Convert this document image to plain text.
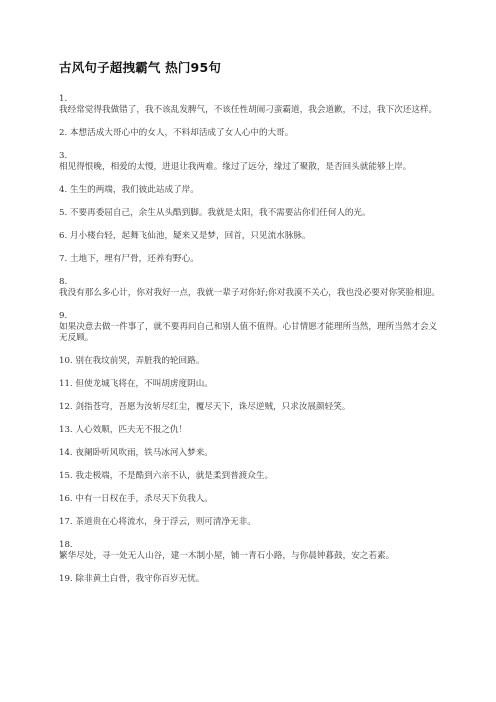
古风句子超拽霸气 热门95句

1.
我经常觉得我做错了，我不该乱发脾气，不该任性胡闹刁蛮霸道，我会道歉，不过，我下次还这样。

2. 本想活成大哥心中的女人，不料却活成了女人心中的大哥。

3.
相见得恨晚，相爱的太慢，进退让我两难。缘过了远分，缘过了聚散，是否回头就能够上岸。

4. 生生的两端，我们彼此站成了岸。

5. 不要再委屈自己，余生从头酷到脚。我就是太阳，我不需要沾你们任何人的光。

6. 月小楼台轻，起舞飞仙池，疑来又是梦，回首，只见流水脉脉。

7. 土地下，埋有尸骨，还养有野心。

8.
我没有那么多心计，你对我好一点，我就一辈子对你好;你对我漠不关心，我也没必要对你笑脸相迎。

9.
如果决意去做一件事了，就不要再问自己和别人值不值得。心甘情愿才能理所当然，理所当然才会义无反顾。

10. 别在我坟前哭，弄脏我的轮回路。

11. 但使龙城飞将在，不叫胡虏度阴山。

12. 剑指苍穹，吾愿为汝斩尽红尘，覆尽天下，诛尽逆贼，只求汝展颜轻笑。

13. 人心效顺，匹夫无不报之仇！

14. 夜阑卧听风吹雨，铁马冰河入梦来。

15. 我走极端，不是酷到六亲不认，就是柔到普渡众生。

16. 中有一日权在手，杀尽天下负我人。

17. 茶道贵在心将流水，身于浮云，则可清净无非。

18.
繁华尽处，寻一处无人山谷，建一木制小屋，铺一青石小路，与你晨钟暮鼓，安之若素。

19. 除非黄土白骨，我守你百岁无忧。
